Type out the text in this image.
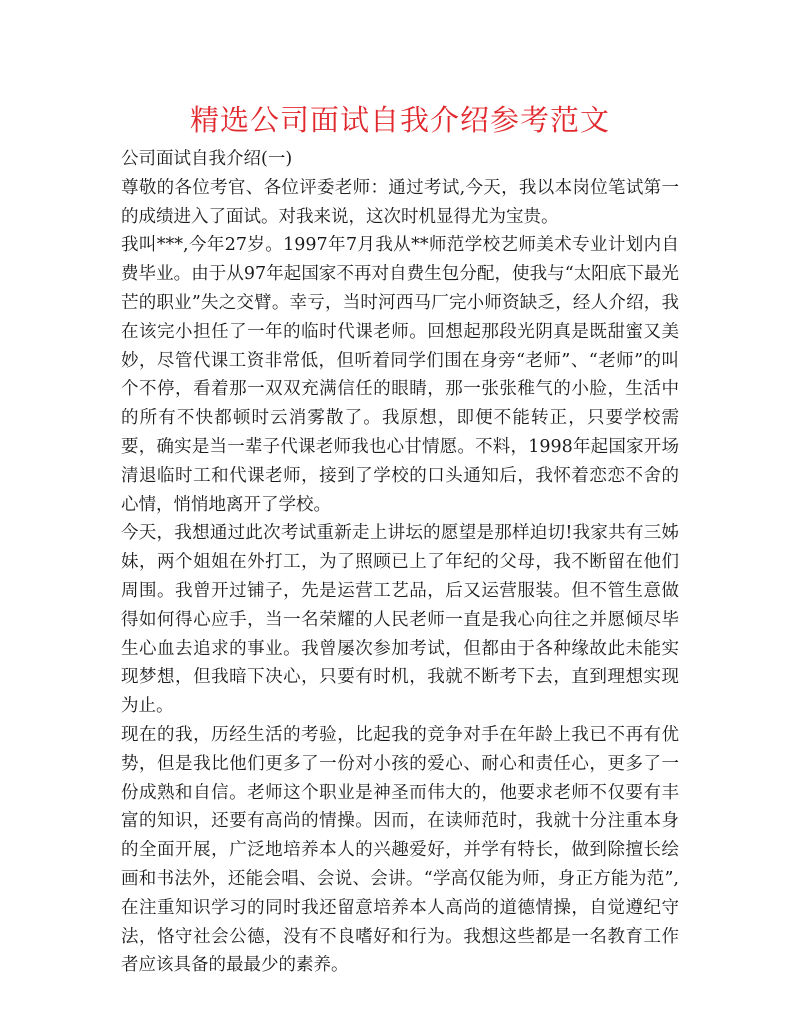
精选公司面试自我介绍参考范文

公司面试自我介绍(一)

尊敬的各位考官、各位评委老师：通过考试,今天，我以本岗位笔试第一的成绩进入了面试。对我来说，这次时机显得尤为宝贵。

我叫***,今年27岁。1997年7月我从**师范学校艺师美术专业计划内自费毕业。由于从97年起国家不再对自费生包分配，使我与“太阳底下最光芒的职业”失之交臂。幸亏，当时河西马厂完小师资缺乏，经人介绍，我在该完小担任了一年的临时代课老师。回想起那段光阴真是既甜蜜又美妙，尽管代课工资非常低，但听着同学们围在身旁“老师”、“老师”的叫个不停，看着那一双双充满信任的眼睛，那一张张稚气的小脸，生活中的所有不快都顿时云消雾散了。我原想，即便不能转正，只要学校需要，确实是当一辈子代课老师我也心甘情愿。不料，1998年起国家开场清退临时工和代课老师，接到了学校的口头通知后，我怀着恋恋不舍的心情，悄悄地离开了学校。

今天，我想通过此次考试重新走上讲坛的愿望是那样迫切!我家共有三姊妹，两个姐姐在外打工，为了照顾已上了年纪的父母，我不断留在他们周围。我曾开过铺子，先是运营工艺品，后又运营服装。但不管生意做得如何得心应手，当一名荣耀的人民老师一直是我心向往之并愿倾尽毕生心血去追求的事业。我曾屡次参加考试，但都由于各种缘故此未能实现梦想，但我暗下决心，只要有时机，我就不断考下去，直到理想实现为止。

现在的我，历经生活的考验，比起我的竞争对手在年龄上我已不再有优势，但是我比他们更多了一份对小孩的爱心、耐心和责任心，更多了一份成熟和自信。老师这个职业是神圣而伟大的，他要求老师不仅要有丰富的知识，还要有高尚的情操。因而，在读师范时，我就十分注重本身的全面开展，广泛地培养本人的兴趣爱好，并学有特长，做到除擅长绘画和书法外，还能会唱、会说、会讲。“学高仅能为师，身正方能为范”,在注重知识学习的同时我还留意培养本人高尚的道德情操，自觉遵纪守法，恪守社会公德，没有不良嗜好和行为。我想这些都是一名教育工作者应该具备的最最少的素养。
